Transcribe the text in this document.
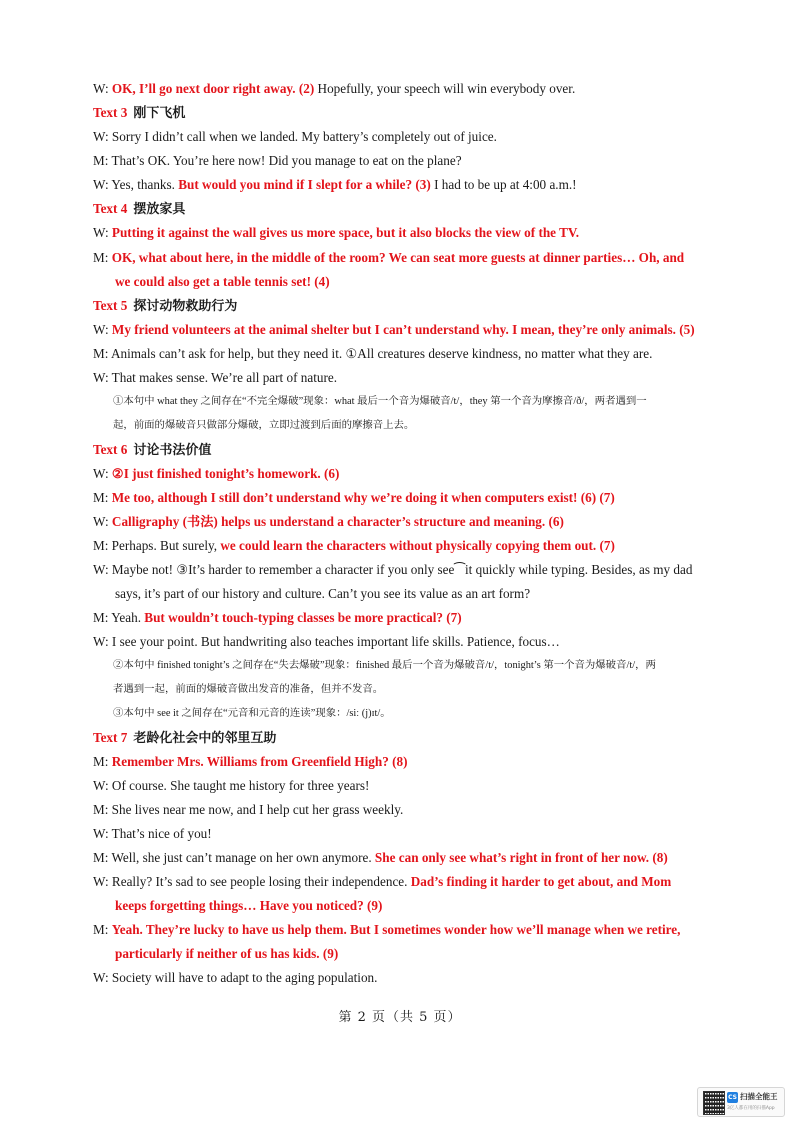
W: OK, I’ll go next door right away. (2) Hopefully, your speech will win everybody over.
Text 3 刚下飞机
W: Sorry I didn’t call when we landed. My battery’s completely out of juice.
M: That’s OK. You’re here now! Did you manage to eat on the plane?
W: Yes, thanks. But would you mind if I slept for a while? (3) I had to be up at 4:00 a.m.!
Text 4 摆放家具
W: Putting it against the wall gives us more space, but it also blocks the view of the TV.
M: OK, what about here, in the middle of the room? We can seat more guests at dinner parties… Oh, and
we could also get a table tennis set! (4)
Text 5 探讨动物救助行为
W: My friend volunteers at the animal shelter but I can’t understand why. I mean, they’re only animals. (5)
M: Animals can’t ask for help, but they need it. ①All creatures deserve kindness, no matter what they are.
W: That makes sense. We’re all part of nature.
①本句中 what they 之间存在“不完全爆破”现象：what 最后一个音为爆破音/t/，they 第一个音为摩擦音/ð/，两者遇到一
起，前面的爆破音只做部分爆破，立即过渡到后面的摩擦音上去。
Text 6 讨论书法价值
W: ②I just finished tonight’s homework. (6)
M: Me too, although I still don’t understand why we’re doing it when computers exist! (6) (7)
W: Calligraphy (书法) helps us understand a character’s structure and meaning. (6)
M: Perhaps. But surely, we could learn the characters without physically copying them out. (7)
W: Maybe not! ③It’s harder to remember a character if you only see⁀it quickly while typing. Besides, as my dad
says, it’s part of our history and culture. Can’t you see its value as an art form?
M: Yeah. But wouldn’t touch-typing classes be more practical? (7)
W: I see your point. But handwriting also teaches important life skills. Patience, focus…
②本句中 finished tonight’s 之间存在“失去爆破”现象：finished 最后一个音为爆破音/t/，tonight’s 第一个音为爆破音/t/，两
者遇到一起，前面的爆破音做出发音的准备，但并不发音。
③本句中 see it 之间存在“元音和元音的连读”现象：/siː (j)ɪt/。
Text 7 老龄化社会中的邻里互助
M: Remember Mrs. Williams from Greenfield High? (8)
W: Of course. She taught me history for three years!
M: She lives near me now, and I help cut her grass weekly.
W: That’s nice of you!
M: Well, she just can’t manage on her own anymore. She can only see what’s right in front of her now. (8)
W: Really? It’s sad to see people losing their independence. Dad’s finding it harder to get about, and Mom
keeps forgetting things… Have you noticed? (9)
M: Yeah. They’re lucky to have us help them. But I sometimes wonder how we’ll manage when we retire,
particularly if neither of us has kids. (9)
W: Society will have to adapt to the aging population.
第 2 页（共 5 页）
CS 扫描全能王
3亿人都在用的扫描App
